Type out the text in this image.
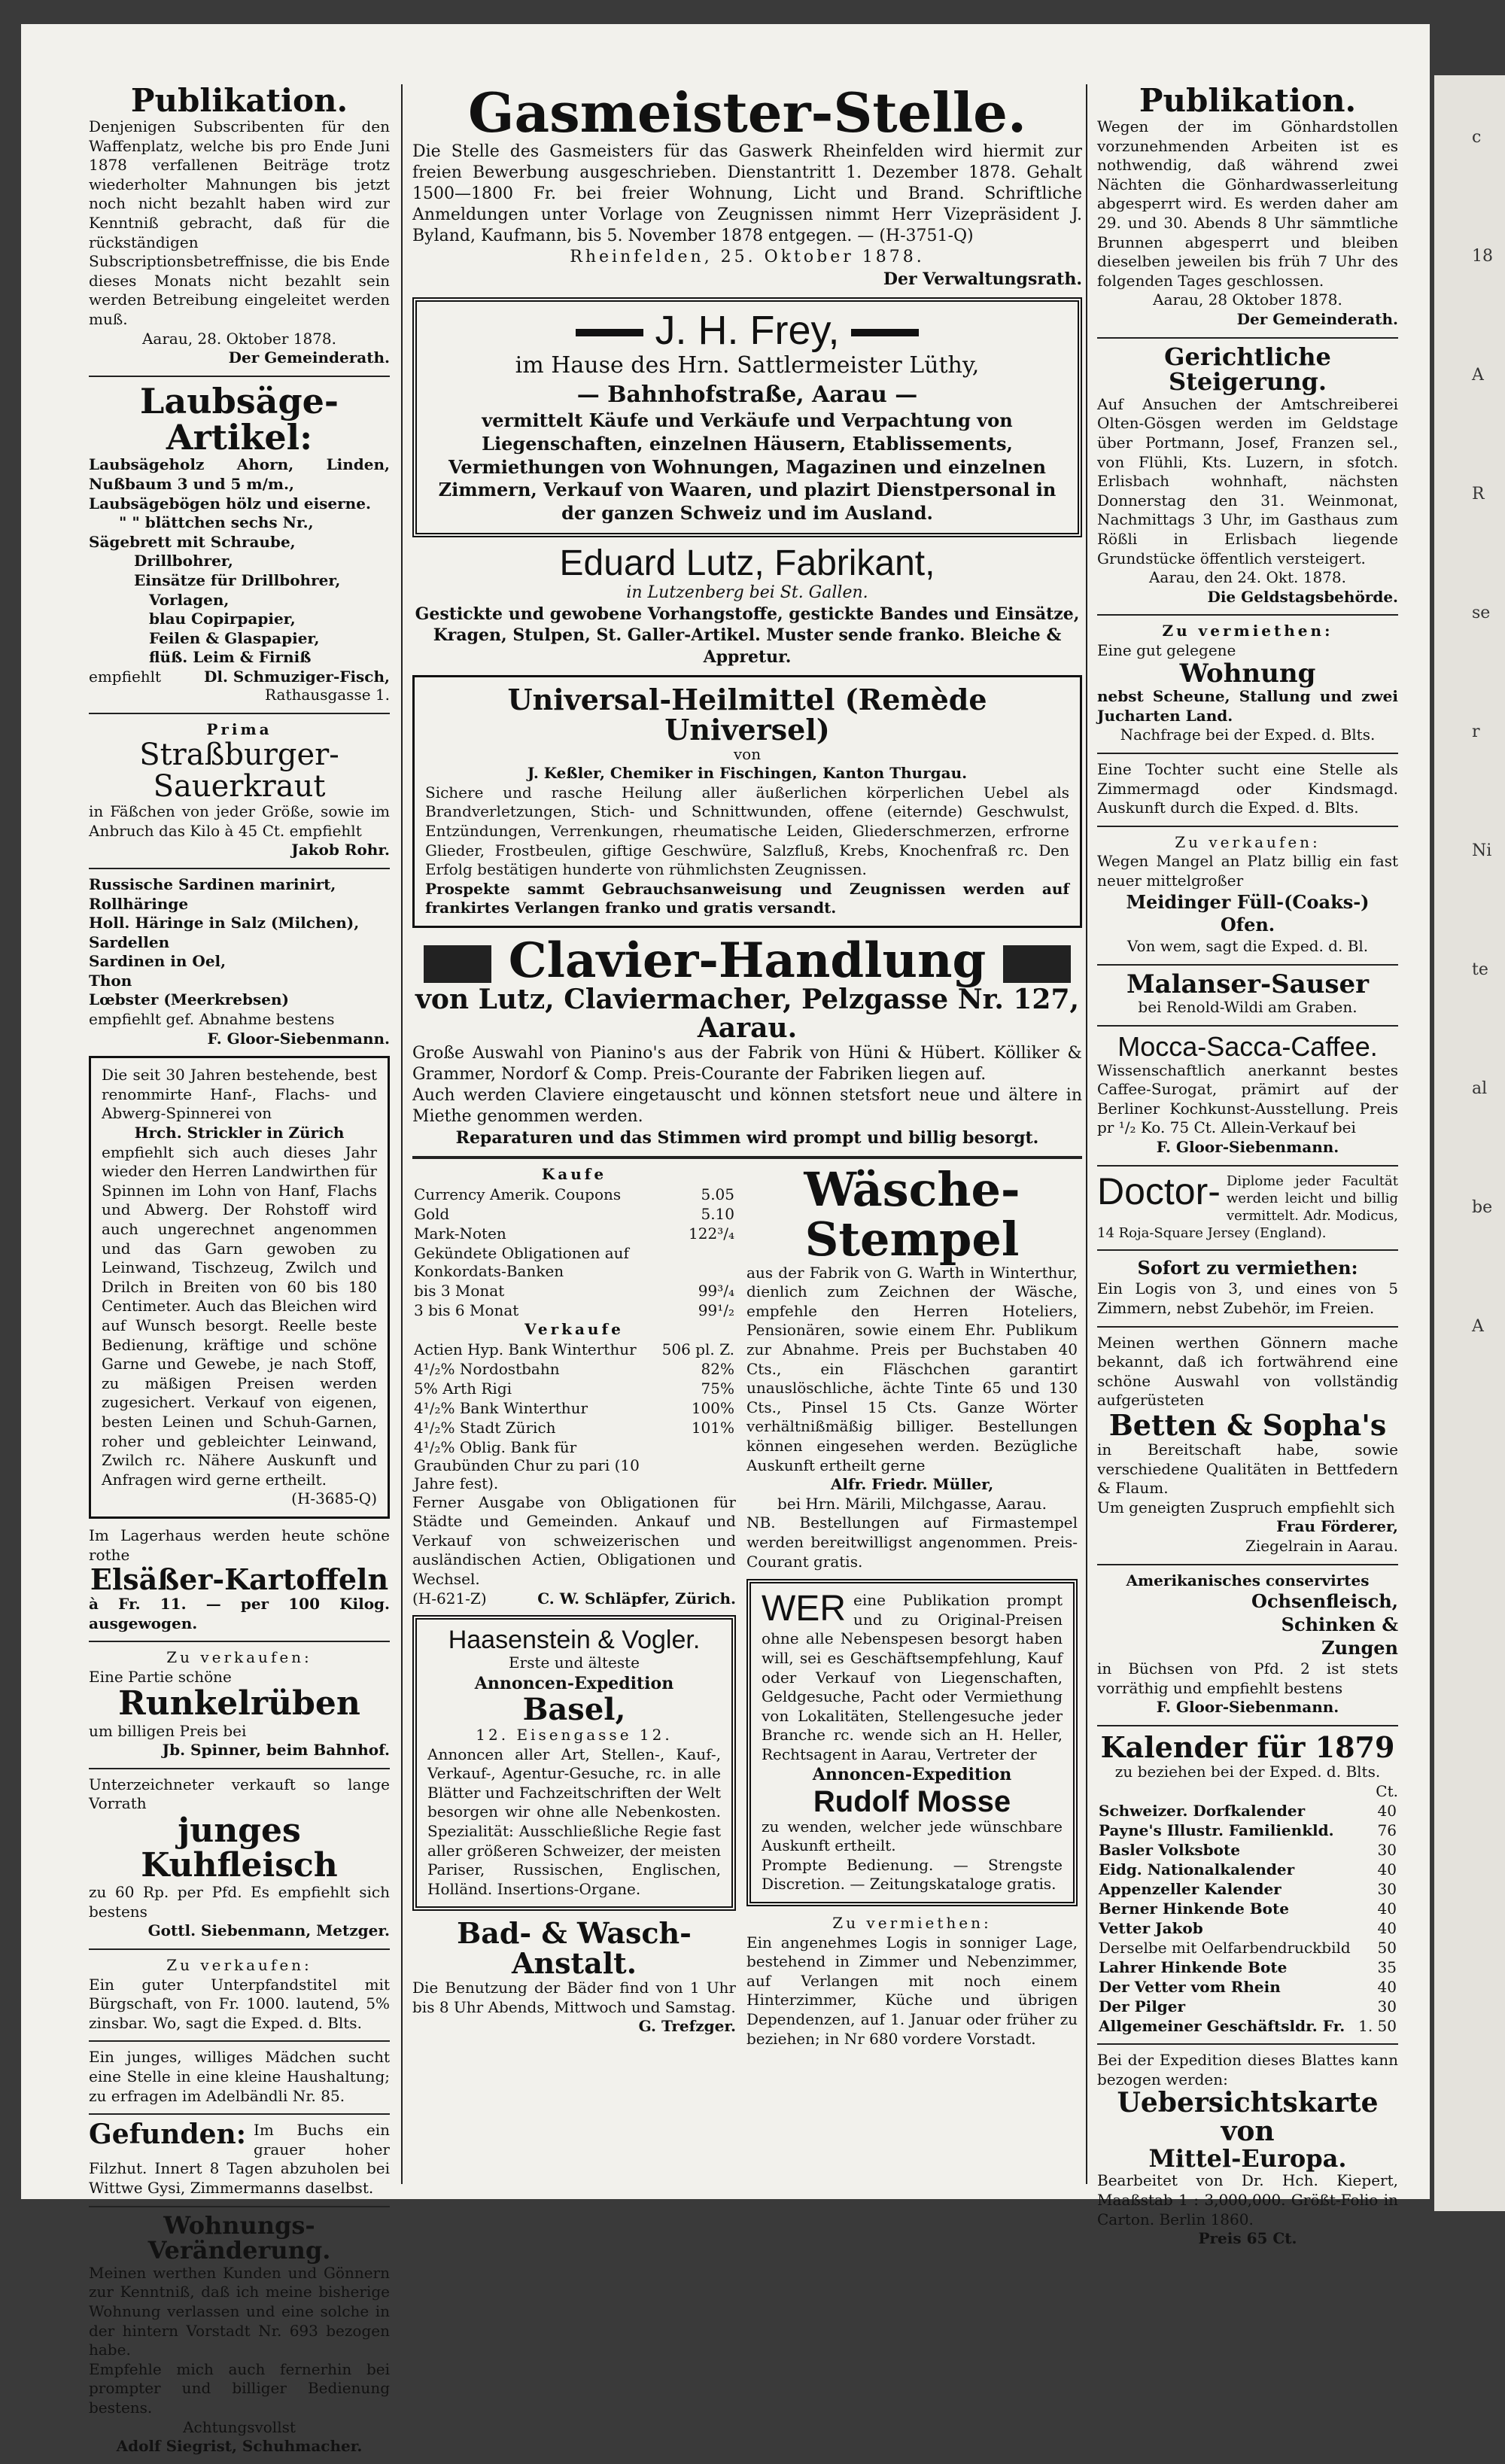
Publikation.

Denjenigen Subscribenten für den Waffenplatz, welche bis pro Ende Juni 1878 verfallenen Beiträge trotz wiederholter Mahnungen bis jetzt noch nicht bezahlt haben wird zur Kenntniß gebracht, daß für die rückständigen Subscriptionsbetreffnisse, die bis Ende dieses Monats nicht bezahlt sein werden Betreibung eingeleitet werden muß.

Aarau, 28. Oktober 1878.

Der Gemeinderath.

Laubsäge-Artikel:

Laubsägeholz Ahorn, Linden, Nußbaum 3 und 5 m/m.,

Laubsägebögen hölz und eiserne.

" " blättchen sechs Nr.,

Sägebrett mit Schraube,

Drillbohrer,

Einsätze für Drillbohrer,

Vorlagen,

blau Copirpapier,

Feilen & Glaspapier,

flüß. Leim & Firniß

empfiehlt	Dl. Schmuziger-Fisch,

Rathausgasse 1.

Prima

Straßburger-Sauerkraut

in Fäßchen von jeder Größe, sowie im Anbruch das Kilo à 45 Ct. empfiehlt

Jakob Rohr.

Russische Sardinen marinirt,

Rollhäringe

Holl. Häringe in Salz (Milchen),

Sardellen

Sardinen in Oel,

Thon

Lœbster (Meerkrebsen)

empfiehlt gef. Abnahme bestens

F. Gloor-Siebenmann.

Die seit 30 Jahren bestehende, best renommirte Hanf-, Flachs- und Abwerg-Spinnerei von

Hrch. Strickler in Zürich

empfiehlt sich auch dieses Jahr wieder den Herren Landwirthen für Spinnen im Lohn von Hanf, Flachs und Abwerg. Der Rohstoff wird auch ungerechnet angenommen und das Garn gewoben zu Leinwand, Tischzeug, Zwilch und Drilch in Breiten von 60 bis 180 Centimeter. Auch das Bleichen wird auf Wunsch besorgt. Reelle beste Bedienung, kräftige und schöne Garne und Gewebe, je nach Stoff, zu mäßigen Preisen werden zugesichert. Verkauf von eigenen, besten Leinen und Schuh-Garnen, roher und gebleichter Leinwand, Zwilch rc. Nähere Auskunft und Anfragen wird gerne ertheilt.

(H-3685-Q)

Im Lagerhaus werden heute schöne rothe

Elsäßer-Kartoffeln

à Fr. 11. — per 100 Kilog. ausgewogen.

Zu verkaufen:

Eine Partie schöne

Runkelrüben

um billigen Preis bei

Jb. Spinner, beim Bahnhof.

Unterzeichneter verkauft so lange Vorrath

junges Kuhfleisch

zu 60 Rp. per Pfd. Es empfiehlt sich bestens

Gottl. Siebenmann, Metzger.

Zu verkaufen:

Ein guter Unterpfandstitel mit Bürgschaft, von Fr. 1000. lautend, 5% zinsbar. Wo, sagt die Exped. d. Blts.

Ein junges, williges Mädchen sucht eine Stelle in eine kleine Haushaltung; zu erfragen im Adelbändli Nr. 85.

Gefunden: Im Buchs ein grauer hoher Filzhut. Innert 8 Tagen abzuholen bei Wittwe Gysi, Zimmermanns daselbst.

Wohnungs-Veränderung.

Meinen werthen Kunden und Gönnern zur Kenntniß, daß ich meine bisherige Wohnung verlassen und eine solche in der hintern Vorstadt Nr. 693 bezogen habe.

Empfehle mich auch fernerhin bei prompter und billiger Bedienung bestens.

Achtungsvollst

Adolf Siegrist, Schuhmacher.

Gasmeister-Stelle.

Die Stelle des Gasmeisters für das Gaswerk Rheinfelden wird hiermit zur freien Bewerbung ausgeschrieben. Dienstantritt 1. Dezember 1878. Gehalt 1500—1800 Fr. bei freier Wohnung, Licht und Brand. Schriftliche Anmeldungen unter Vorlage von Zeugnissen nimmt Herr Vizepräsident J. Byland, Kaufmann, bis 5. November 1878 entgegen. — (H-3751-Q)

Rheinfelden, 25. Oktober 1878.

Der Verwaltungsrath.

J. H. Frey,

im Hause des Hrn. Sattlermeister Lüthy,

— Bahnhofstraße, Aarau —

vermittelt Käufe und Verkäufe und Verpachtung von Liegenschaften, einzelnen Häusern, Etablissements, Vermiethungen von Wohnungen, Magazinen und einzelnen Zimmern, Verkauf von Waaren, und plazirt Dienstpersonal in der ganzen Schweiz und im Ausland.

Eduard Lutz, Fabrikant,

in Lutzenberg bei St. Gallen.

Gestickte und gewobene Vorhangstoffe, gestickte Bandes und Einsätze, Kragen, Stulpen, St. Galler-Artikel. Muster sende franko. Bleiche & Appretur.

Universal-Heilmittel (Remède Universel)

von

J. Keßler, Chemiker in Fischingen, Kanton Thurgau.

Sichere und rasche Heilung aller äußerlichen körperlichen Uebel als Brandverletzungen, Stich- und Schnittwunden, offene (eiternde) Geschwulst, Entzündungen, Verrenkungen, rheumatische Leiden, Gliederschmerzen, erfrorne Glieder, Frostbeulen, giftige Geschwüre, Salzfluß, Krebs, Knochenfraß rc. Den Erfolg bestätigen hunderte von rühmlichsten Zeugnissen.

Prospekte sammt Gebrauchsanweisung und Zeugnissen werden auf frankirtes Verlangen franko und gratis versandt.

Clavier-Handlung
von Lutz, Claviermacher, Pelzgasse Nr. 127, Aarau.

Große Auswahl von Pianino's aus der Fabrik von Hüni & Hübert. Kölliker & Grammer, Nordorf & Comp. Preis-Courante der Fabriken liegen auf.

Auch werden Claviere eingetauscht und können stetsfort neue und ältere in Miethe genommen werden.

Reparaturen und das Stimmen wird prompt und billig besorgt.

Kaufe

Currency Amerik. Coupons	5.05
Gold	5.10
Mark-Noten	122³/₄
Gekündete Obligationen auf Konkordats-Banken	
bis 3 Monat	99³/₄
3 bis 6 Monat	99¹/₂

Verkaufe

Actien Hyp. Bank Winterthur	506 pl. Z.
4¹/₂% Nordostbahn	82%
5% Arth Rigi	75%
4¹/₂% Bank Winterthur	100%
4¹/₂% Stadt Zürich	101%
4¹/₂% Oblig. Bank für Graubünden Chur zu pari (10 Jahre fest).	

Ferner Ausgabe von Obligationen für Städte und Gemeinden. Ankauf und Verkauf von schweizerischen und ausländischen Actien, Obligationen und Wechsel.

(H-621-Z)	C. W. Schläpfer, Zürich.
Haasenstein & Vogler.

Erste und älteste

Annoncen-Expedition

Basel,

12. Eisengasse 12.

Annoncen aller Art, Stellen-, Kauf-, Verkauf-, Agentur-Gesuche, rc. in alle Blätter und Fachzeitschriften der Welt besorgen wir ohne alle Nebenkosten. Spezialität: Ausschließliche Regie fast aller größeren Schweizer, der meisten Pariser, Russischen, Englischen, Holländ. Insertions-Organe.

Bad- & Wasch-Anstalt.

Die Benutzung der Bäder find von 1 Uhr bis 8 Uhr Abends, Mittwoch und Samstag.

G. Trefzger.

Wäsche-Stempel

aus der Fabrik von G. Warth in Winterthur, dienlich zum Zeichnen der Wäsche, empfehle den Herren Hoteliers, Pensionären, sowie einem Ehr. Publikum zur Abnahme. Preis per Buchstaben 40 Cts., ein Fläschchen garantirt unauslöschliche, ächte Tinte 65 und 130 Cts., Pinsel 15 Cts. Ganze Wörter verhältnißmäßig billiger. Bestellungen können eingesehen werden. Bezügliche Auskunft ertheilt gerne

Alfr. Friedr. Müller,

bei Hrn. Märili, Milchgasse, Aarau.

NB. Bestellungen auf Firmastempel werden bereitwilligst angenommen. Preis-Courant gratis.

WER eine Publikation prompt und zu Original-Preisen ohne alle Nebenspesen besorgt haben will, sei es Geschäftsempfehlung, Kauf oder Verkauf von Liegenschaften, Geldgesuche, Pacht oder Vermiethung von Lokalitäten, Stellengesuche jeder Branche rc. wende sich an H. Heller, Rechtsagent in Aarau, Vertreter der

Annoncen-Expedition

Rudolf Mosse

zu wenden, welcher jede wünschbare Auskunft ertheilt.

Prompte Bedienung. — Strengste Discretion. — Zeitungskataloge gratis.

Zu vermiethen:

Ein angenehmes Logis in sonniger Lage, bestehend in Zimmer und Nebenzimmer, auf Verlangen mit noch einem Hinterzimmer, Küche und übrigen Dependenzen, auf 1. Januar oder früher zu beziehen; in Nr 680 vordere Vorstadt.

Publikation.

Wegen der im Gönhardstollen vorzunehmenden Arbeiten ist es nothwendig, daß während zwei Nächten die Gönhardwasserleitung abgesperrt wird. Es werden daher am 29. und 30. Abends 8 Uhr sämmtliche Brunnen abgesperrt und bleiben dieselben jeweilen bis früh 7 Uhr des folgenden Tages geschlossen.

Aarau, 28 Oktober 1878.

Der Gemeinderath.

Gerichtliche Steigerung.

Auf Ansuchen der Amtschreiberei Olten-Gösgen werden im Geldstage über Portmann, Josef, Franzen sel., von Flühli, Kts. Luzern, in sfotch. Erlisbach wohnhaft, nächsten Donnerstag den 31. Weinmonat, Nachmittags 3 Uhr, im Gasthaus zum Rößli in Erlisbach liegende Grundstücke öffentlich versteigert.

Aarau, den 24. Okt. 1878.

Die Geldstagsbehörde.

Zu vermiethen:

Eine gut gelegene

Wohnung

nebst Scheune, Stallung und zwei Jucharten Land.

Nachfrage bei der Exped. d. Blts.

Eine Tochter sucht eine Stelle als Zimmermagd oder Kindsmagd. Auskunft durch die Exped. d. Blts.

Zu verkaufen:

Wegen Mangel an Platz billig ein fast neuer mittelgroßer

Meidinger Füll-(Coaks-) Ofen.

Von wem, sagt die Exped. d. Bl.

Malanser-Sauser

bei Renold-Wildi am Graben.

Mocca-Sacca-Caffee.

Wissenschaftlich anerkannt bestes Caffee-Surogat, prämirt auf der Berliner Kochkunst-Ausstellung. Preis pr ¹/₂ Ko. 75 Ct. Allein-Verkauf bei

F. Gloor-Siebenmann.

Doctor- Diplome jeder Facultät werden leicht und billig vermittelt. Adr. Modicus, 14 Roja-Square Jersey (England).

Sofort zu vermiethen:

Ein Logis von 3, und eines von 5 Zimmern, nebst Zubehör, im Freien.

Meinen werthen Gönnern mache bekannt, daß ich fortwährend eine schöne Auswahl von vollständig aufgerüsteten

Betten & Sopha's

in Bereitschaft habe, sowie verschiedene Qualitäten in Bettfedern & Flaum.

Um geneigten Zuspruch empfiehlt sich

Frau Förderer,

Ziegelrain in Aarau.

Amerikanisches conservirtes

Ochsenfleisch,

Schinken &

Zungen

in Büchsen von Pfd. 2 ist stets vorräthig und empfiehlt bestens

F. Gloor-Siebenmann.

Kalender für 1879

zu beziehen bei der Exped. d. Blts.

Ct.

Schweizer. Dorfkalender	40
Payne's Illustr. Familienkld.	76
Basler Volksbote	30
Eidg. Nationalkalender	40
Appenzeller Kalender	30
Berner Hinkende Bote	40
Vetter Jakob	40
Derselbe mit Oelfarbendruckbild	50
Lahrer Hinkende Bote	35
Der Vetter vom Rhein	40
Der Pilger	30
Allgemeiner Geschäftsldr. Fr.	1. 50

Bei der Expedition dieses Blattes kann bezogen werden:

Uebersichtskarte von
Mittel-Europa.

Bearbeitet von Dr. Hch. Kiepert, Maaßstab 1 : 3,000,000. Größt-Folio in Carton. Berlin 1860.

Preis 65 Ct.

c
18
A
R
se
r
Ni
te
al
be
A
